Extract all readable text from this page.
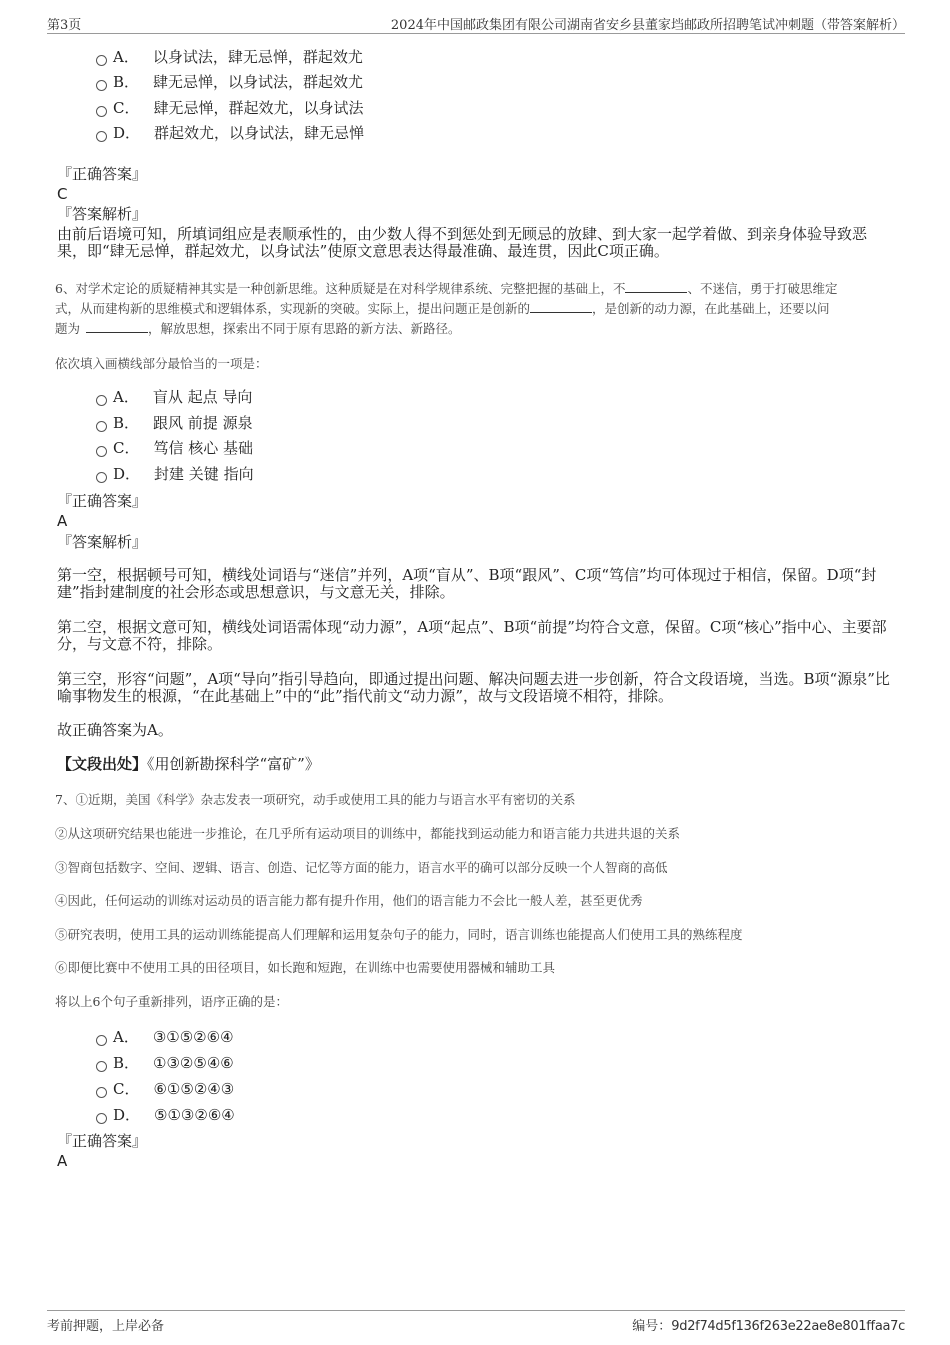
第3页	2024年中国邮政集团有限公司湖南省安乡县董家垱邮政所招聘笔试冲刺题（带答案解析）
A． 以身试法，肆无忌惮，群起效尤
B． 肆无忌惮，以身试法，群起效尤
C． 肆无忌惮，群起效尤，以身试法
D． 群起效尤，以身试法，肆无忌惮
『正确答案』
C
『答案解析』
由前后语境可知，所填词组应是表顺承性的，由少数人得不到惩处到无顾忌的放肆、到大家一起学着做、到亲身体验导致恶
果，即“肆无忌惮，群起效尤，以身试法”使原文意思表达得最准确、最连贯，因此C项正确。
6、对学术定论的质疑精神其实是一种创新思维。这种质疑是在对科学规律系统、完整把握的基础上，不	、不迷信，勇于打破思维定
式，从而建构新的思维模式和逻辑体系，实现新的突破。实际上，提出问题正是创新的	，是创新的动力源，在此基础上，还要以问
题为	，解放思想，探索出不同于原有思路的新方法、新路径。
依次填入画横线部分最恰当的一项是：
A． 盲从 起点 导向
B． 跟风 前提 源泉
C． 笃信 核心 基础
D． 封建 关键 指向
『正确答案』
A
『答案解析』
第一空，根据顿号可知，横线处词语与“迷信”并列，A项“盲从”、B项“跟风”、C项“笃信”均可体现过于相信，保留。D项“封
建”指封建制度的社会形态或思想意识，与文意无关，排除。
第二空，根据文意可知，横线处词语需体现“动力源”，A项“起点”、B项“前提”均符合文意，保留。C项“核心”指中心、主要部
分，与文意不符，排除。
第三空，形容“问题”，A项“导向”指引导趋向，即通过提出问题、解决问题去进一步创新，符合文段语境，当选。B项“源泉”比
喻事物发生的根源，“在此基础上”中的“此”指代前文“动力源”，故与文段语境不相符，排除。
故正确答案为A。
【文段出处】《用创新勘探科学“富矿”》
7、①近期，美国《科学》杂志发表一项研究，动手或使用工具的能力与语言水平有密切的关系
②从这项研究结果也能进一步推论，在几乎所有运动项目的训练中，都能找到运动能力和语言能力共进共退的关系
③智商包括数字、空间、逻辑、语言、创造、记忆等方面的能力，语言水平的确可以部分反映一个人智商的高低
④因此，任何运动的训练对运动员的语言能力都有提升作用，他们的语言能力不会比一般人差，甚至更优秀
⑤研究表明，使用工具的运动训练能提高人们理解和运用复杂句子的能力，同时，语言训练也能提高人们使用工具的熟练程度
⑥即便比赛中不使用工具的田径项目，如长跑和短跑，在训练中也需要使用器械和辅助工具
将以上6个句子重新排列，语序正确的是：
A． ③①⑤②⑥④
B． ①③②⑤④⑥
C． ⑥①⑤②④③
D． ⑤①③②⑥④
『正确答案』
A
考前押题，上岸必备	编号：9d2f74d5f136f263e22ae8e801ffaa7c
